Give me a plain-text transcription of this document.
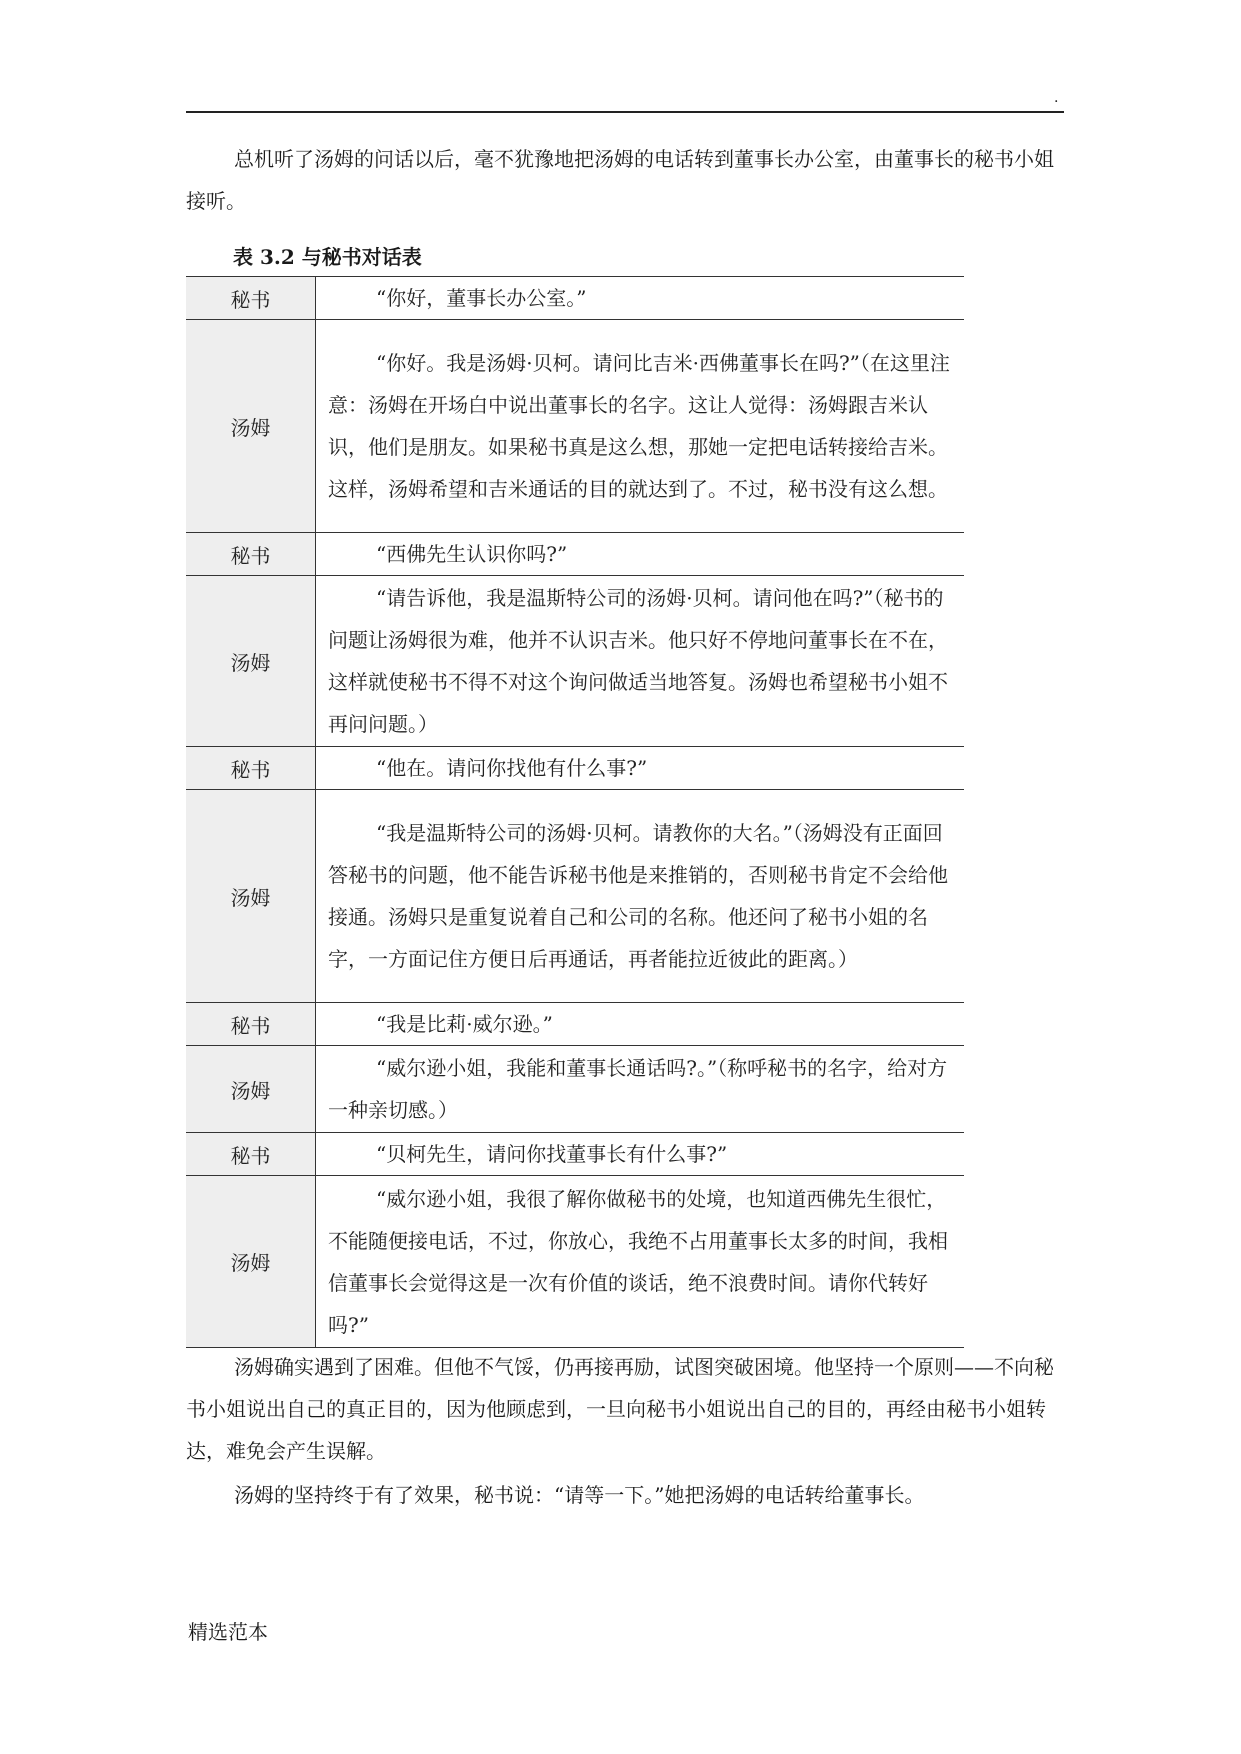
.

总机听了汤姆的问话以后，毫不犹豫地把汤姆的电话转到董事长办公室，由董事长的秘书小姐接听。

表 3.2 与秘书对话表
秘书	“你好，董事长办公室。”
汤姆	“你好。我是汤姆·贝柯。请问比吉米·西佛董事长在吗?”（在这里注意：汤姆在开场白中说出董事长的名字。这让人觉得：汤姆跟吉米认识，他们是朋友。如果秘书真是这么想，那她一定把电话转接给吉米。这样，汤姆希望和吉米通话的目的就达到了。不过，秘书没有这么想。
秘书	“西佛先生认识你吗?”
汤姆	“请告诉他，我是温斯特公司的汤姆·贝柯。请问他在吗?”（秘书的问题让汤姆很为难，他并不认识吉米。他只好不停地问董事长在不在，这样就使秘书不得不对这个询问做适当地答复。汤姆也希望秘书小姐不再问问题。）
秘书	“他在。请问你找他有什么事?”
汤姆	“我是温斯特公司的汤姆·贝柯。请教你的大名。”（汤姆没有正面回答秘书的问题，他不能告诉秘书他是来推销的，否则秘书肯定不会给他接通。汤姆只是重复说着自己和公司的名称。他还问了秘书小姐的名字，一方面记住方便日后再通话，再者能拉近彼此的距离。）
秘书	“我是比莉·威尔逊。”
汤姆	“威尔逊小姐，我能和董事长通话吗?。”（称呼秘书的名字，给对方一种亲切感。）
秘书	“贝柯先生，请问你找董事长有什么事?”
汤姆	“威尔逊小姐，我很了解你做秘书的处境，也知道西佛先生很忙，不能随便接电话，不过，你放心，我绝不占用董事长太多的时间，我相信董事长会觉得这是一次有价值的谈话，绝不浪费时间。请你代转好吗?”

汤姆确实遇到了困难。但他不气馁，仍再接再励，试图突破困境。他坚持一个原则——不向秘书小姐说出自己的真正目的，因为他顾虑到，一旦向秘书小姐说出自己的目的，再经由秘书小姐转达，难免会产生误解。

汤姆的坚持终于有了效果，秘书说：“请等一下。”她把汤姆的电话转给董事长。

精选范本
